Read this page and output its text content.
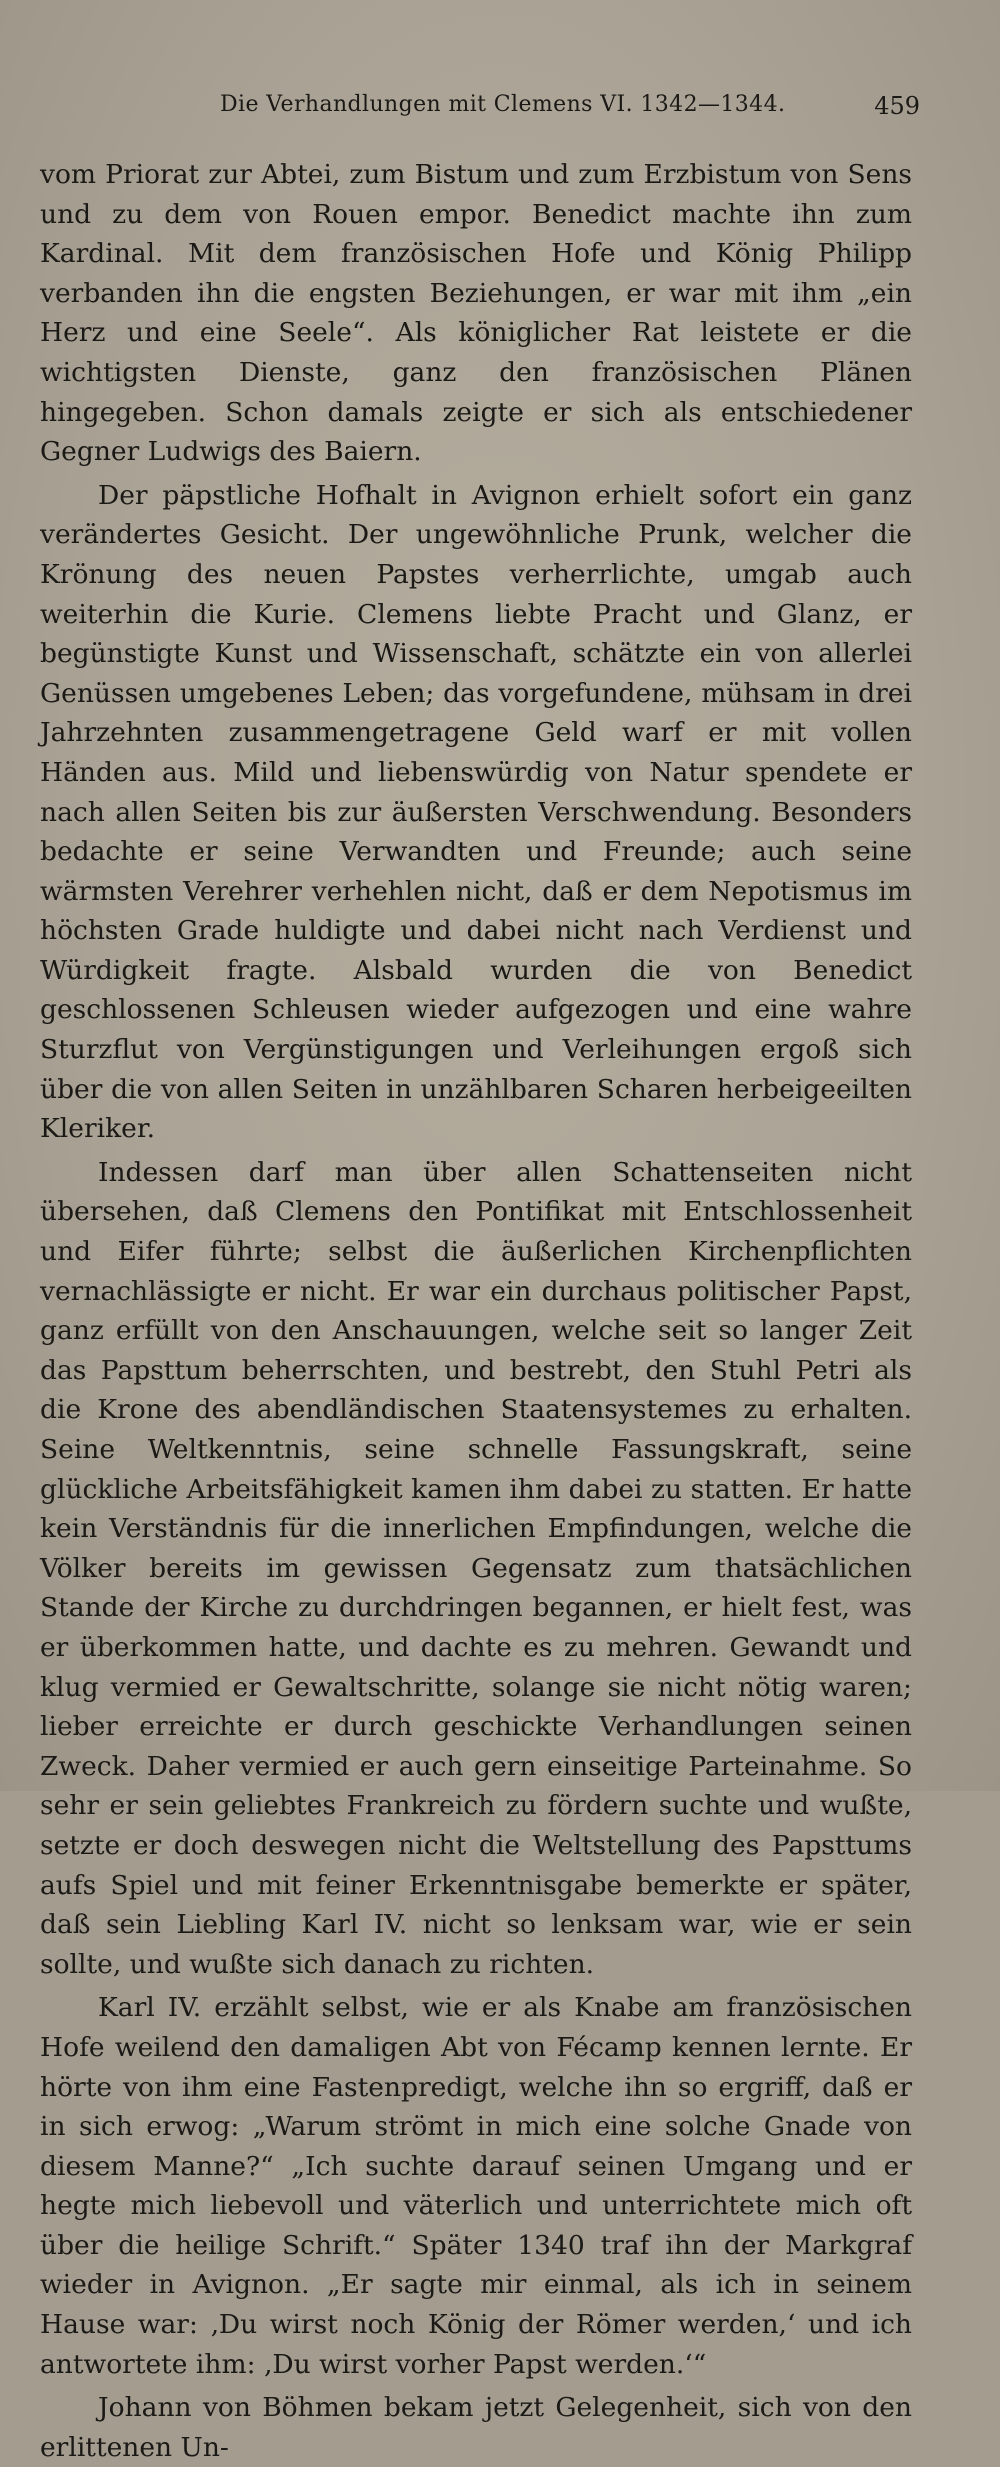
Die Verhandlungen mit Clemens VI. 1342—1344.	459

vom Priorat zur Abtei, zum Bistum und zum Erzbistum von Sens und zu dem von Rouen empor. Benedict machte ihn zum Kardinal. Mit dem französischen Hofe und König Philipp verbanden ihn die engsten Beziehungen, er war mit ihm „ein Herz und eine Seele“. Als königlicher Rat leistete er die wichtigsten Dienste, ganz den französischen Plänen hingegeben. Schon damals zeigte er sich als entschiedener Gegner Ludwigs des Baiern.

Der päpstliche Hofhalt in Avignon erhielt sofort ein ganz verändertes Gesicht. Der ungewöhnliche Prunk, welcher die Krönung des neuen Papstes verherrlichte, umgab auch weiterhin die Kurie. Clemens liebte Pracht und Glanz, er begünstigte Kunst und Wissenschaft, schätzte ein von allerlei Genüssen umgebenes Leben; das vorgefundene, mühsam in drei Jahrzehnten zusammengetragene Geld warf er mit vollen Händen aus. Mild und liebenswürdig von Natur spendete er nach allen Seiten bis zur äußersten Verschwendung. Besonders bedachte er seine Verwandten und Freunde; auch seine wärmsten Verehrer verhehlen nicht, daß er dem Nepotismus im höchsten Grade huldigte und dabei nicht nach Verdienst und Würdigkeit fragte. Alsbald wurden die von Benedict geschlossenen Schleusen wieder aufgezogen und eine wahre Sturzflut von Vergünstigungen und Verleihungen ergoß sich über die von allen Seiten in unzählbaren Scharen herbeigeeilten Kleriker.

Indessen darf man über allen Schattenseiten nicht übersehen, daß Clemens den Pontifikat mit Entschlossenheit und Eifer führte; selbst die äußerlichen Kirchenpflichten vernachlässigte er nicht. Er war ein durchaus politischer Papst, ganz erfüllt von den Anschauungen, welche seit so langer Zeit das Papsttum beherrschten, und bestrebt, den Stuhl Petri als die Krone des abendländischen Staatensystemes zu erhalten. Seine Weltkenntnis, seine schnelle Fassungskraft, seine glückliche Arbeitsfähigkeit kamen ihm dabei zu statten. Er hatte kein Verständnis für die innerlichen Empfindungen, welche die Völker bereits im gewissen Gegensatz zum thatsächlichen Stande der Kirche zu durchdringen begannen, er hielt fest, was er überkommen hatte, und dachte es zu mehren. Gewandt und klug vermied er Gewaltschritte, solange sie nicht nötig waren; lieber erreichte er durch geschickte Verhandlungen seinen Zweck. Daher vermied er auch gern einseitige Parteinahme. So sehr er sein geliebtes Frankreich zu fördern suchte und wußte, setzte er doch deswegen nicht die Weltstellung des Papsttums aufs Spiel und mit feiner Erkenntnisgabe bemerkte er später, daß sein Liebling Karl IV. nicht so lenksam war, wie er sein sollte, und wußte sich danach zu richten.

Karl IV. erzählt selbst, wie er als Knabe am französischen Hofe weilend den damaligen Abt von Fécamp kennen lernte. Er hörte von ihm eine Fastenpredigt, welche ihn so ergriff, daß er in sich erwog: „Warum strömt in mich eine solche Gnade von diesem Manne?“ „Ich suchte darauf seinen Umgang und er hegte mich liebevoll und väterlich und unterrichtete mich oft über die heilige Schrift.“ Später 1340 traf ihn der Markgraf wieder in Avignon. „Er sagte mir einmal, als ich in seinem Hause war: ‚Du wirst noch König der Römer werden,‘ und ich antwortete ihm: ‚Du wirst vorher Papst werden.‘“

Johann von Böhmen bekam jetzt Gelegenheit, sich von den erlittenen Un-
